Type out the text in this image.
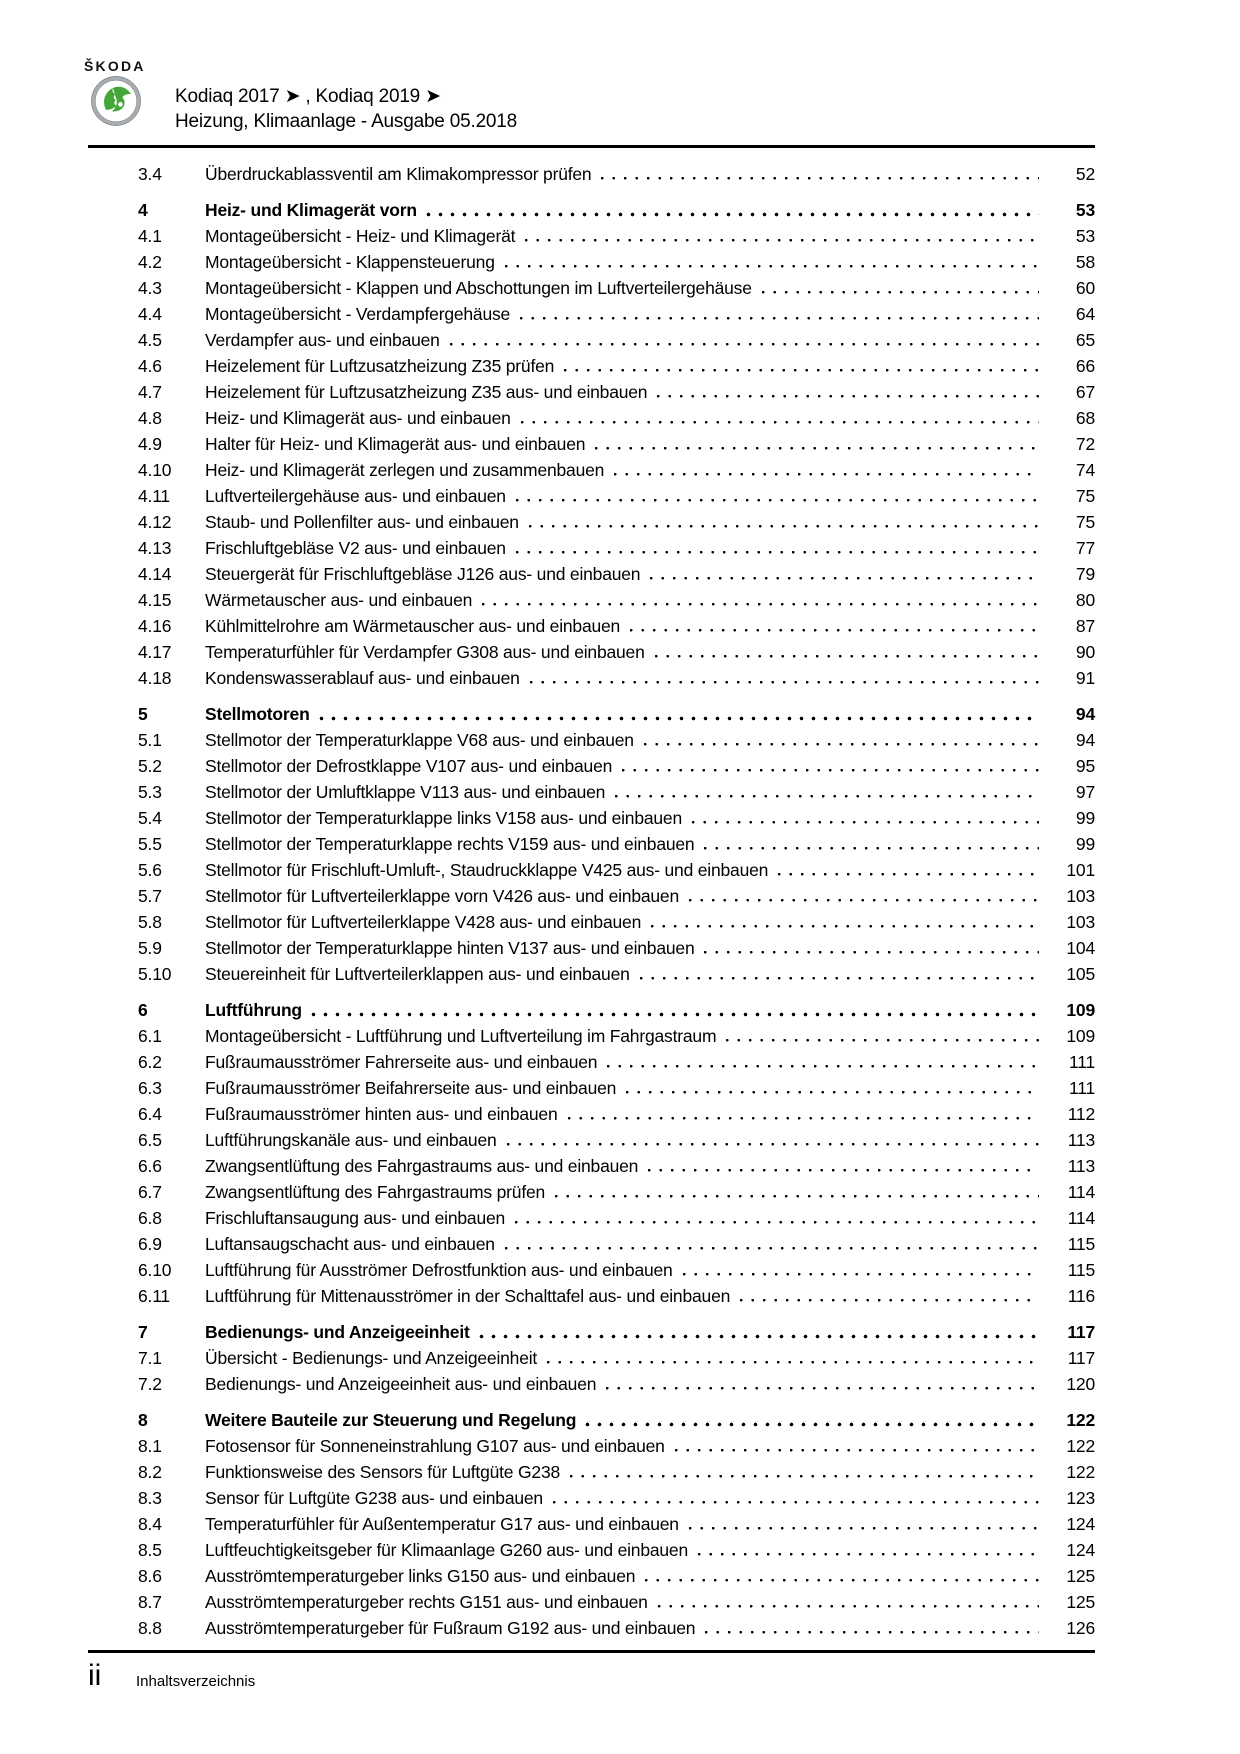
ŠKODA
Kodiaq 2017 ➤ , Kodiaq 2019 ➤
Heizung, Klimaanlage - Ausgabe 05.2018
3.4	Überdruckablassventil am Klimakompressor prüfen	52
4	Heiz- und Klimagerät vorn	53
4.1	Montageübersicht - Heiz- und Klimagerät	53
4.2	Montageübersicht - Klappensteuerung	58
4.3	Montageübersicht - Klappen und Abschottungen im Luftverteilergehäuse	60
4.4	Montageübersicht - Verdampfergehäuse	64
4.5	Verdampfer aus- und einbauen	65
4.6	Heizelement für Luftzusatzheizung Z35 prüfen	66
4.7	Heizelement für Luftzusatzheizung Z35 aus- und einbauen	67
4.8	Heiz- und Klimagerät aus- und einbauen	68
4.9	Halter für Heiz- und Klimagerät aus- und einbauen	72
4.10	Heiz- und Klimagerät zerlegen und zusammenbauen	74
4.11	Luftverteilergehäuse aus- und einbauen	75
4.12	Staub- und Pollenfilter aus- und einbauen	75
4.13	Frischluftgebläse V2 aus- und einbauen	77
4.14	Steuergerät für Frischluftgebläse J126 aus- und einbauen	79
4.15	Wärmetauscher aus- und einbauen	80
4.16	Kühlmittelrohre am Wärmetauscher aus- und einbauen	87
4.17	Temperaturfühler für Verdampfer G308 aus- und einbauen	90
4.18	Kondenswasserablauf aus- und einbauen	91
5	Stellmotoren	94
5.1	Stellmotor der Temperaturklappe V68 aus- und einbauen	94
5.2	Stellmotor der Defrostklappe V107 aus- und einbauen	95
5.3	Stellmotor der Umluftklappe V113 aus- und einbauen	97
5.4	Stellmotor der Temperaturklappe links V158 aus- und einbauen	99
5.5	Stellmotor der Temperaturklappe rechts V159 aus- und einbauen	99
5.6	Stellmotor für Frischluft-Umluft-, Staudruckklappe V425 aus- und einbauen	101
5.7	Stellmotor für Luftverteilerklappe vorn V426 aus- und einbauen	103
5.8	Stellmotor für Luftverteilerklappe V428 aus- und einbauen	103
5.9	Stellmotor der Temperaturklappe hinten V137 aus- und einbauen	104
5.10	Steuereinheit für Luftverteilerklappen aus- und einbauen	105
6	Luftführung	109
6.1	Montageübersicht - Luftführung und Luftverteilung im Fahrgastraum	109
6.2	Fußraumausströmer Fahrerseite aus- und einbauen	111
6.3	Fußraumausströmer Beifahrerseite aus- und einbauen	111
6.4	Fußraumausströmer hinten aus- und einbauen	112
6.5	Luftführungskanäle aus- und einbauen	113
6.6	Zwangsentlüftung des Fahrgastraums aus- und einbauen	113
6.7	Zwangsentlüftung des Fahrgastraums prüfen	114
6.8	Frischluftansaugung aus- und einbauen	114
6.9	Luftansaugschacht aus- und einbauen	115
6.10	Luftführung für Ausströmer Defrostfunktion aus- und einbauen	115
6.11	Luftführung für Mittenausströmer in der Schalttafel aus- und einbauen	116
7	Bedienungs- und Anzeigeeinheit	117
7.1	Übersicht - Bedienungs- und Anzeigeeinheit	117
7.2	Bedienungs- und Anzeigeeinheit aus- und einbauen	120
8	Weitere Bauteile zur Steuerung und Regelung	122
8.1	Fotosensor für Sonneneinstrahlung G107 aus- und einbauen	122
8.2	Funktionsweise des Sensors für Luftgüte G238	122
8.3	Sensor für Luftgüte G238 aus- und einbauen	123
8.4	Temperaturfühler für Außentemperatur G17 aus- und einbauen	124
8.5	Luftfeuchtigkeitsgeber für Klimaanlage G260 aus- und einbauen	124
8.6	Ausströmtemperaturgeber links G150 aus- und einbauen	125
8.7	Ausströmtemperaturgeber rechts G151 aus- und einbauen	125
8.8	Ausströmtemperaturgeber für Fußraum G192 aus- und einbauen	126
ii Inhaltsverzeichnis
